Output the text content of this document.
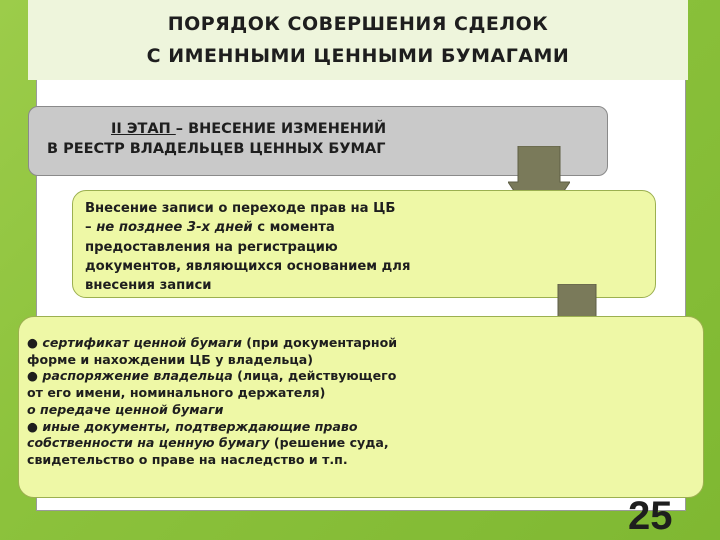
ПОРЯДОК СОВЕРШЕНИЯ СДЕЛОК
С ИМЕННЫМИ ЦЕННЫМИ БУМАГАМИ
II ЭТАП – ВНЕСЕНИЕ ИЗМЕНЕНИЙ
В РЕЕСТР ВЛАДЕЛЬЦЕВ ЦЕННЫХ БУМАГ
Внесение записи о переходе прав на ЦБ
– не позднее 3-х дней с момента
предоставления на регистрацию
документов, являющихся основанием для
внесения записи
● сертификат ценной бумаги (при документарной
форме и нахождении ЦБ у владельца)
● распоряжение владельца (лица, действующего
от его имени, номинального держателя)
о передаче ценной бумаги
● иные документы, подтверждающие право
собственности на ценную бумагу (решение суда,
свидетельство о праве на наследство и т.п.
25
